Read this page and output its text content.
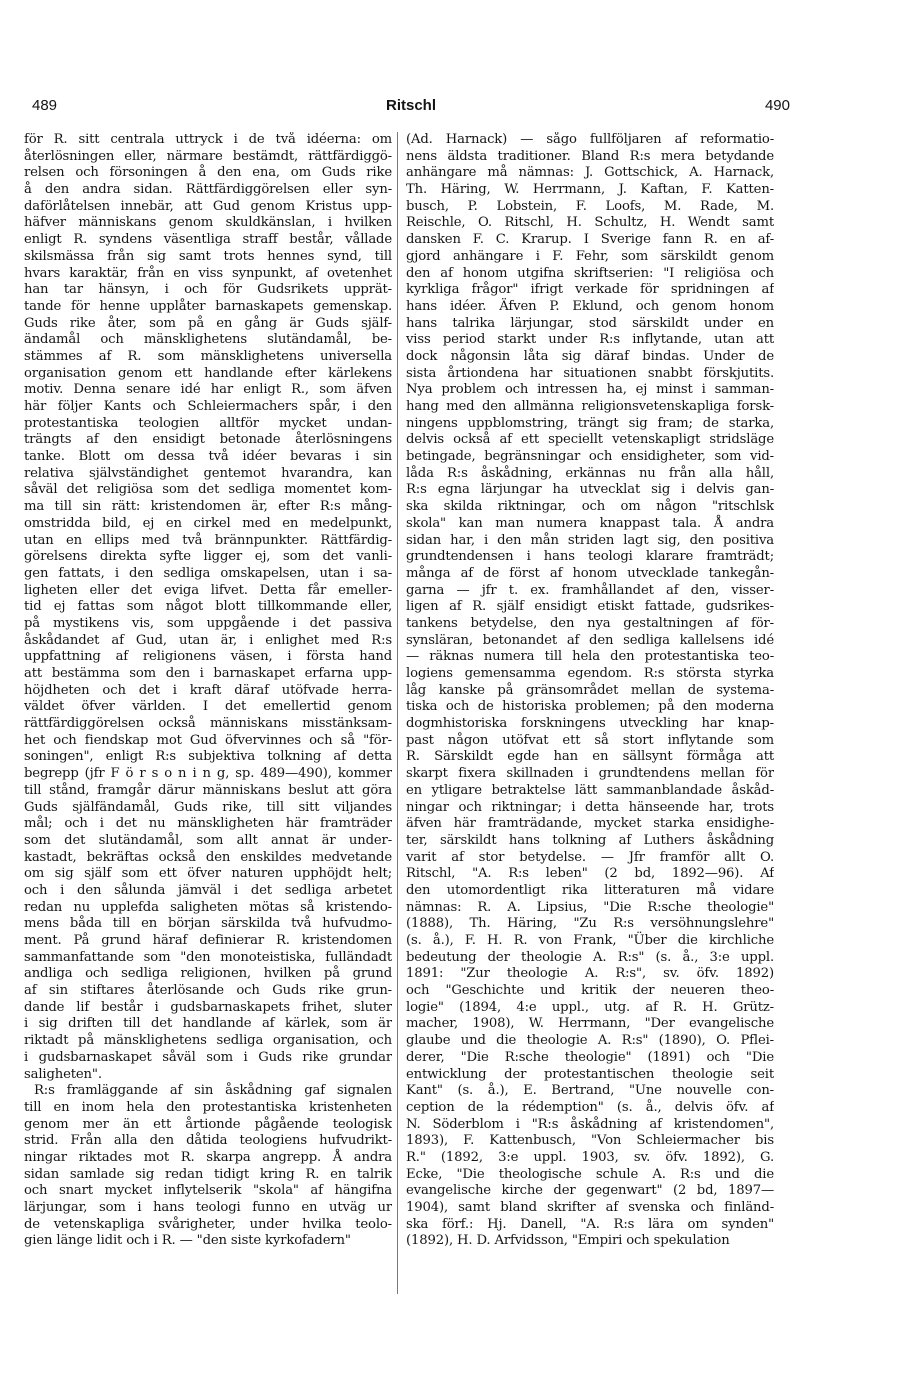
489	Ritschl	490
för R. sitt centrala uttryck i de två idéerna: om
återlösningen eller, närmare bestämdt, rättfärdiggö-
relsen och försoningen å den ena, om Guds rike
å den andra sidan. Rättfärdiggörelsen eller syn-
daförlåtelsen innebär, att Gud genom Kristus upp-
häfver människans genom skuldkänslan, i hvilken
enligt R. syndens väsentliga straff består, vållade
skilsmässa från sig samt trots hennes synd, till
hvars karaktär, från en viss synpunkt, af ovetenhet
han tar hänsyn, i och för Gudsrikets upprät-
tande för henne upplåter barnaskapets gemenskap.
Guds rike åter, som på en gång är Guds själf-
ändamål och mänsklighetens slutändamål, be-
stämmes af R. som mänsklighetens universella
organisation genom ett handlande efter kärlekens
motiv. Denna senare idé har enligt R., som äfven
här följer Kants och Schleiermachers spår, i den
protestantiska teologien alltför mycket undan-
trängts af den ensidigt betonade återlösningens
tanke. Blott om dessa två idéer bevaras i sin
relativa självständighet gentemot hvarandra, kan
såväl det religiösa som det sedliga momentet kom-
ma till sin rätt: kristendomen är, efter R:s mång-
omstridda bild, ej en cirkel med en medelpunkt,
utan en ellips med två brännpunkter. Rättfärdig-
görelsens direkta syfte ligger ej, som det vanli-
gen fattats, i den sedliga omskapelsen, utan i sa-
ligheten eller det eviga lifvet. Detta får emeller-
tid ej fattas som något blott tillkommande eller,
på mystikens vis, som uppgående i det passiva
åskådandet af Gud, utan är, i enlighet med R:s
uppfattning af religionens väsen, i första hand
att bestämma som den i barnaskapet erfarna upp-
höjdheten och det i kraft däraf utöfvade herra-
väldet öfver världen. I det emellertid genom
rättfärdiggörelsen också människans misstänksam-
het och fiendskap mot Gud öfvervinnes och så "för-
soningen", enligt R:s subjektiva tolkning af detta
begrepp (jfr F ö r s o n i n g, sp. 489—490), kommer
till stånd, framgår därur människans beslut att göra
Guds själfändamål, Guds rike, till sitt viljandes
mål; och i det nu mänskligheten här framträder
som det slutändamål, som allt annat är under-
kastadt, bekräftas också den enskildes medvetande
om sig själf som ett öfver naturen upphöjdt helt;
och i den sålunda jämväl i det sedliga arbetet
redan nu upplefda saligheten mötas så kristendo-
mens båda till en början särskilda två hufvudmo-
ment. På grund häraf definierar R. kristendomen
sammanfattande som "den monoteistiska, fulländadt
andliga och sedliga religionen, hvilken på grund
af sin stiftares återlösande och Guds rike grun-
dande lif består i gudsbarnaskapets frihet, sluter
i sig driften till det handlande af kärlek, som är
riktadt på mänsklighetens sedliga organisation, och
i gudsbarnaskapet såväl som i Guds rike grundar
saligheten".
R:s framläggande af sin åskådning gaf signalen
till en inom hela den protestantiska kristenheten
genom mer än ett årtionde pågående teologisk
strid. Från alla den dåtida teologiens hufvudrikt-
ningar riktades mot R. skarpa angrepp. Å andra
sidan samlade sig redan tidigt kring R. en talrik
och snart mycket inflytelserik "skola" af hängifna
lärjungar, som i hans teologi funno en utväg ur
de vetenskapliga svårigheter, under hvilka teolo-
gien länge lidit och i R. — "den siste kyrkofadern"
(Ad. Harnack) — sågo fullföljaren af reformatio-
nens äldsta traditioner. Bland R:s mera betydande
anhängare må nämnas: J. Gottschick, A. Harnack,
Th. Häring, W. Herrmann, J. Kaftan, F. Katten-
busch, P. Lobstein, F. Loofs, M. Rade, M.
Reischle, O. Ritschl, H. Schultz, H. Wendt samt
dansken F. C. Krarup. I Sverige fann R. en af-
gjord anhängare i F. Fehr, som särskildt genom
den af honom utgifna skriftserien: "I religiösa och
kyrkliga frågor" ifrigt verkade för spridningen af
hans idéer. Äfven P. Eklund, och genom honom
hans talrika lärjungar, stod särskildt under en
viss period starkt under R:s inflytande, utan att
dock någonsin låta sig däraf bindas. Under de
sista årtiondena har situationen snabbt förskjutits.
Nya problem och intressen ha, ej minst i samman-
hang med den allmänna religionsvetenskapliga forsk-
ningens uppblomstring, trängt sig fram; de starka,
delvis också af ett speciellt vetenskapligt stridsläge
betingade, begränsningar och ensidigheter, som vid-
låda R:s åskådning, erkännas nu från alla håll,
R:s egna lärjungar ha utvecklat sig i delvis gan-
ska skilda riktningar, och om någon "ritschlsk
skola" kan man numera knappast tala. Å andra
sidan har, i den mån striden lagt sig, den positiva
grundtendensen i hans teologi klarare framträdt;
många af de först af honom utvecklade tankegån-
garna — jfr t. ex. framhållandet af den, visser-
ligen af R. själf ensidigt etiskt fattade, gudsrikes-
tankens betydelse, den nya gestaltningen af för-
synsläran, betonandet af den sedliga kallelsens idé
— räknas numera till hela den protestantiska teo-
logiens gemensamma egendom. R:s största styrka
låg kanske på gränsområdet mellan de systema-
tiska och de historiska problemen; på den moderna
dogmhistoriska forskningens utveckling har knap-
past någon utöfvat ett så stort inflytande som
R. Särskildt egde han en sällsynt förmåga att
skarpt fixera skillnaden i grundtendens mellan för
en ytligare betraktelse lätt sammanblandade åskåd-
ningar och riktningar; i detta hänseende har, trots
äfven här framträdande, mycket starka ensidighe-
ter, särskildt hans tolkning af Luthers åskådning
varit af stor betydelse. — Jfr framför allt O.
Ritschl, "A. R:s leben" (2 bd, 1892—96). Af
den utomordentligt rika litteraturen må vidare
nämnas: R. A. Lipsius, "Die R:sche theologie"
(1888), Th. Häring, "Zu R:s versöhnungslehre"
(s. å.), F. H. R. von Frank, "Über die kirchliche
bedeutung der theologie A. R:s" (s. å., 3:e uppl.
1891: "Zur theologie A. R:s", sv. öfv. 1892)
och "Geschichte und kritik der neueren theo-
logie" (1894, 4:e uppl., utg. af R. H. Grütz-
macher, 1908), W. Herrmann, "Der evangelische
glaube und die theologie A. R:s" (1890), O. Pflei-
derer, "Die R:sche theologie" (1891) och "Die
entwicklung der protestantischen theologie seit
Kant" (s. å.), E. Bertrand, "Une nouvelle con-
ception de la rédemption" (s. å., delvis öfv. af
N. Söderblom i "R:s åskådning af kristendomen",
1893), F. Kattenbusch, "Von Schleiermacher bis
R." (1892, 3:e uppl. 1903, sv. öfv. 1892), G.
Ecke, "Die theologische schule A. R:s und die
evangelische kirche der gegenwart" (2 bd, 1897—
1904), samt bland skrifter af svenska och finländ-
ska förf.: Hj. Danell, "A. R:s lära om synden"
(1892), H. D. Arfvidsson, "Empiri och spekulation
